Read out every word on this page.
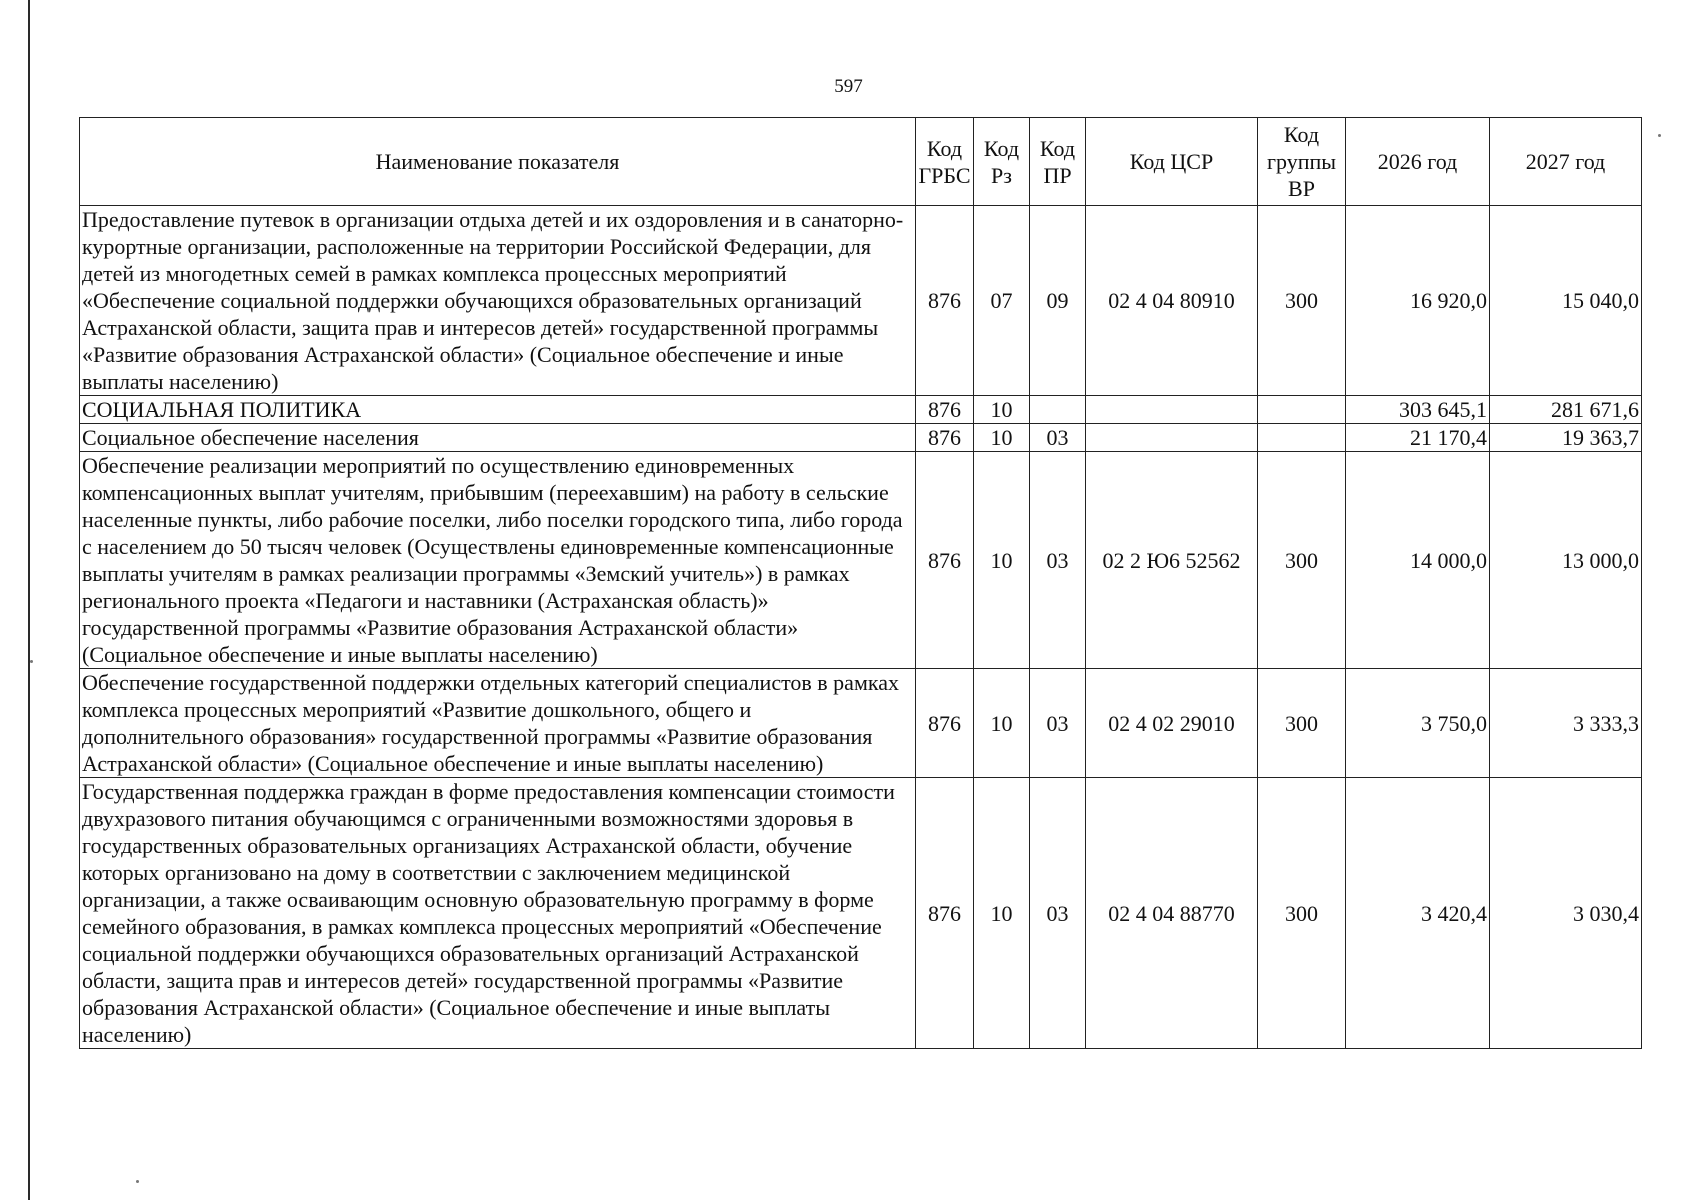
597
Наименование показателя	Код ГРБС	Код Рз	Код ПР	Код ЦСР	Код группы ВР	2026 год	2027 год
Предоставление путевок в организации отдыха детей и их оздоровления и в санаторно-курортные организации, расположенные на территории Российской Федерации, для детей из многодетных семей в рамках комплекса процессных мероприятий «Обеспечение социальной поддержки обучающихся образовательных организаций Астраханской области, защита прав и интересов детей» государственной программы «Развитие образования Астраханской области» (Социальное обеспечение и иные выплаты населению)	876	07	09	02 4 04 80910	300	16 920,0	15 040,0
СОЦИАЛЬНАЯ ПОЛИТИКА	876	10				303 645,1	281 671,6
Социальное обеспечение населения	876	10	03			21 170,4	19 363,7
Обеспечение реализации мероприятий по осуществлению единовременных компенсационных выплат учителям, прибывшим (переехавшим) на работу в сельские населенные пункты, либо рабочие поселки, либо поселки городского типа, либо города с населением до 50 тысяч человек (Осуществлены единовременные компенсационные выплаты учителям в рамках реализации программы «Земский учитель») в рамках регионального проекта «Педагоги и наставники (Астраханская область)» государственной программы «Развитие образования Астраханской области» (Социальное обеспечение и иные выплаты населению)	876	10	03	02 2 Ю6 52562	300	14 000,0	13 000,0
Обеспечение государственной поддержки отдельных категорий специалистов в рамках комплекса процессных мероприятий «Развитие дошкольного, общего и дополнительного образования» государственной программы «Развитие образования Астраханской области» (Социальное обеспечение и иные выплаты населению)	876	10	03	02 4 02 29010	300	3 750,0	3 333,3
Государственная поддержка граждан в форме предоставления компенсации стоимости двухразового питания обучающимся с ограниченными возможностями здоровья в государственных образовательных организациях Астраханской области, обучение которых организовано на дому в соответствии с заключением медицинской организации, а также осваивающим основную образовательную программу в форме семейного образования, в рамках комплекса процессных мероприятий «Обеспечение социальной поддержки обучающихся образовательных организаций Астраханской области, защита прав и интересов детей» государственной программы «Развитие образования Астраханской области» (Социальное обеспечение и иные выплаты населению)	876	10	03	02 4 04 88770	300	3 420,4	3 030,4
